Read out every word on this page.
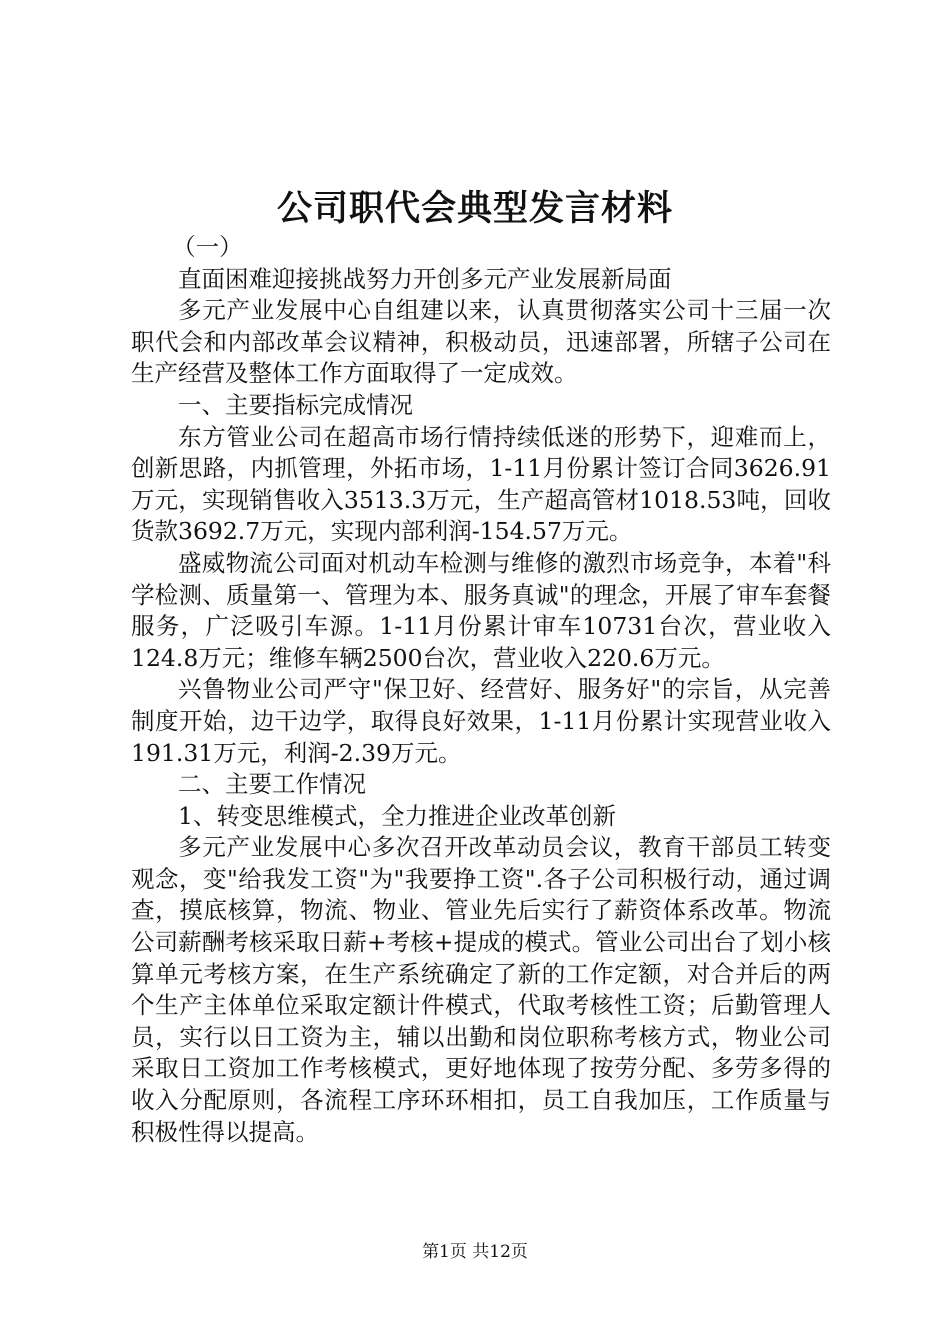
公司职代会典型发言材料

（一）

直面困难迎接挑战努力开创多元产业发展新局面

多元产业发展中心自组建以来，认真贯彻落实公司十三届一次职代会和内部改革会议精神，积极动员，迅速部署，所辖子公司在生产经营及整体工作方面取得了一定成效。

一、主要指标完成情况

东方管业公司在超高市场行情持续低迷的形势下，迎难而上，创新思路，内抓管理，外拓市场，1-11月份累计签订合同3626.91万元，实现销售收入3513.3万元，生产超高管材1018.53吨，回收货款3692.7万元，实现内部利润-154.57万元。

盛威物流公司面对机动车检测与维修的激烈市场竞争，本着"科学检测、质量第一、管理为本、服务真诚"的理念，开展了审车套餐服务，广泛吸引车源。1-11月份累计审车10731台次，营业收入124.8万元；维修车辆2500台次，营业收入220.6万元。

兴鲁物业公司严守"保卫好、经营好、服务好"的宗旨，从完善制度开始，边干边学，取得良好效果，1-11月份累计实现营业收入191.31万元，利润-2.39万元。

二、主要工作情况

1、转变思维模式，全力推进企业改革创新

多元产业发展中心多次召开改革动员会议，教育干部员工转变观念，变"给我发工资"为"我要挣工资".各子公司积极行动，通过调查，摸底核算，物流、物业、管业先后实行了薪资体系改革。物流公司薪酬考核采取日薪+考核+提成的模式。管业公司出台了划小核算单元考核方案，在生产系统确定了新的工作定额，对合并后的两个生产主体单位采取定额计件模式，代取考核性工资；后勤管理人员，实行以日工资为主，辅以出勤和岗位职称考核方式，物业公司采取日工资加工作考核模式，更好地体现了按劳分配、多劳多得的收入分配原则，各流程工序环环相扣，员工自我加压，工作质量与积极性得以提高。

第1页 共12页
